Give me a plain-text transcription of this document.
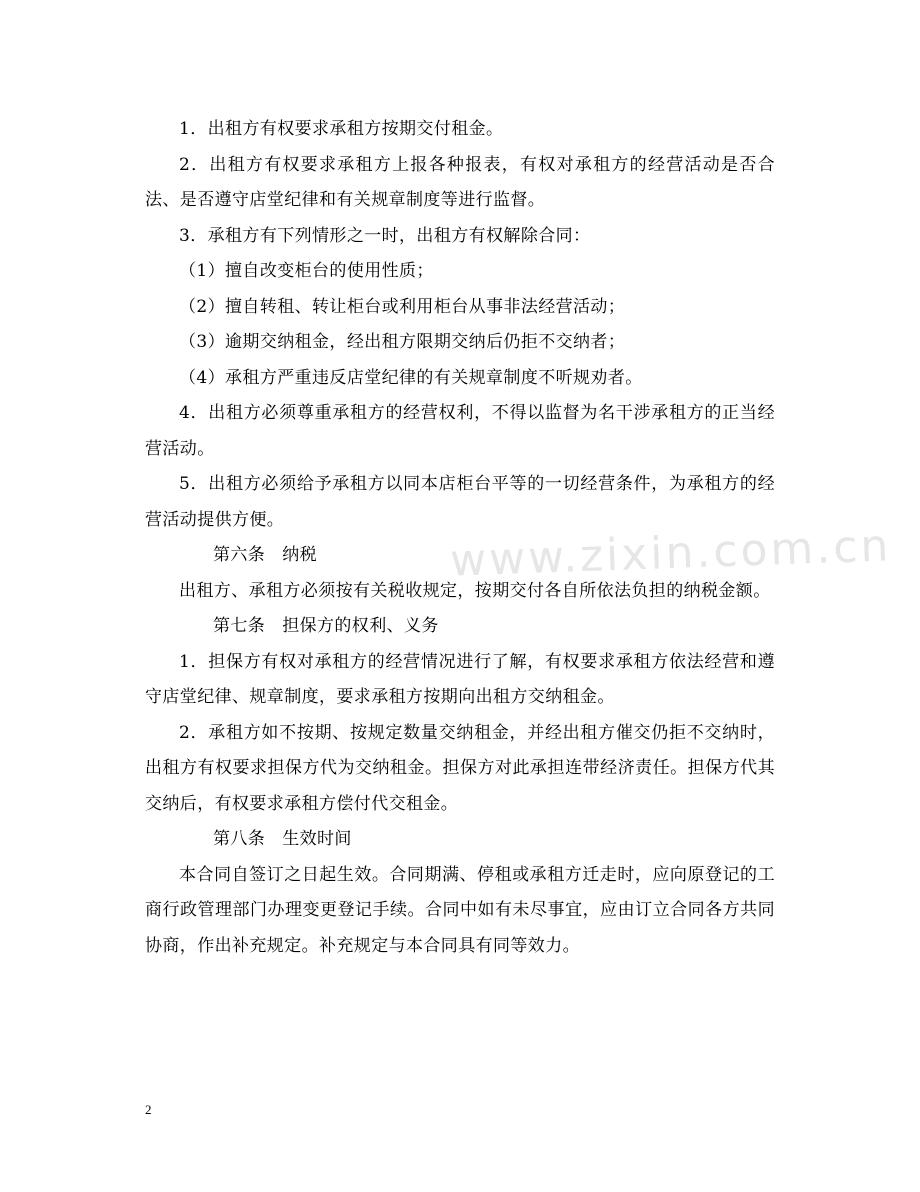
1．出租方有权要求承租方按期交付租金。

2．出租方有权要求承租方上报各种报表，有权对承租方的经营活动是否合法、是否遵守店堂纪律和有关规章制度等进行监督。

3．承租方有下列情形之一时，出租方有权解除合同：

（1）擅自改变柜台的使用性质；

（2）擅自转租、转让柜台或利用柜台从事非法经营活动；

（3）逾期交纳租金，经出租方限期交纳后仍拒不交纳者；

（4）承租方严重违反店堂纪律的有关规章制度不听规劝者。

4．出租方必须尊重承租方的经营权利，不得以监督为名干涉承租方的正当经营活动。

5．出租方必须给予承租方以同本店柜台平等的一切经营条件，为承租方的经营活动提供方便。

第六条 纳税

出租方、承租方必须按有关税收规定，按期交付各自所依法负担的纳税金额。

第七条 担保方的权利、义务

1．担保方有权对承租方的经营情况进行了解，有权要求承租方依法经营和遵守店堂纪律、规章制度，要求承租方按期向出租方交纳租金。

2．承租方如不按期、按规定数量交纳租金，并经出租方催交仍拒不交纳时，出租方有权要求担保方代为交纳租金。担保方对此承担连带经济责任。担保方代其交纳后，有权要求承租方偿付代交租金。

第八条 生效时间

本合同自签订之日起生效。合同期满、停租或承租方迁走时，应向原登记的工商行政管理部门办理变更登记手续。合同中如有未尽事宜，应由订立合同各方共同协商，作出补充规定。补充规定与本合同具有同等效力。

www.zixin.com.cn
2
